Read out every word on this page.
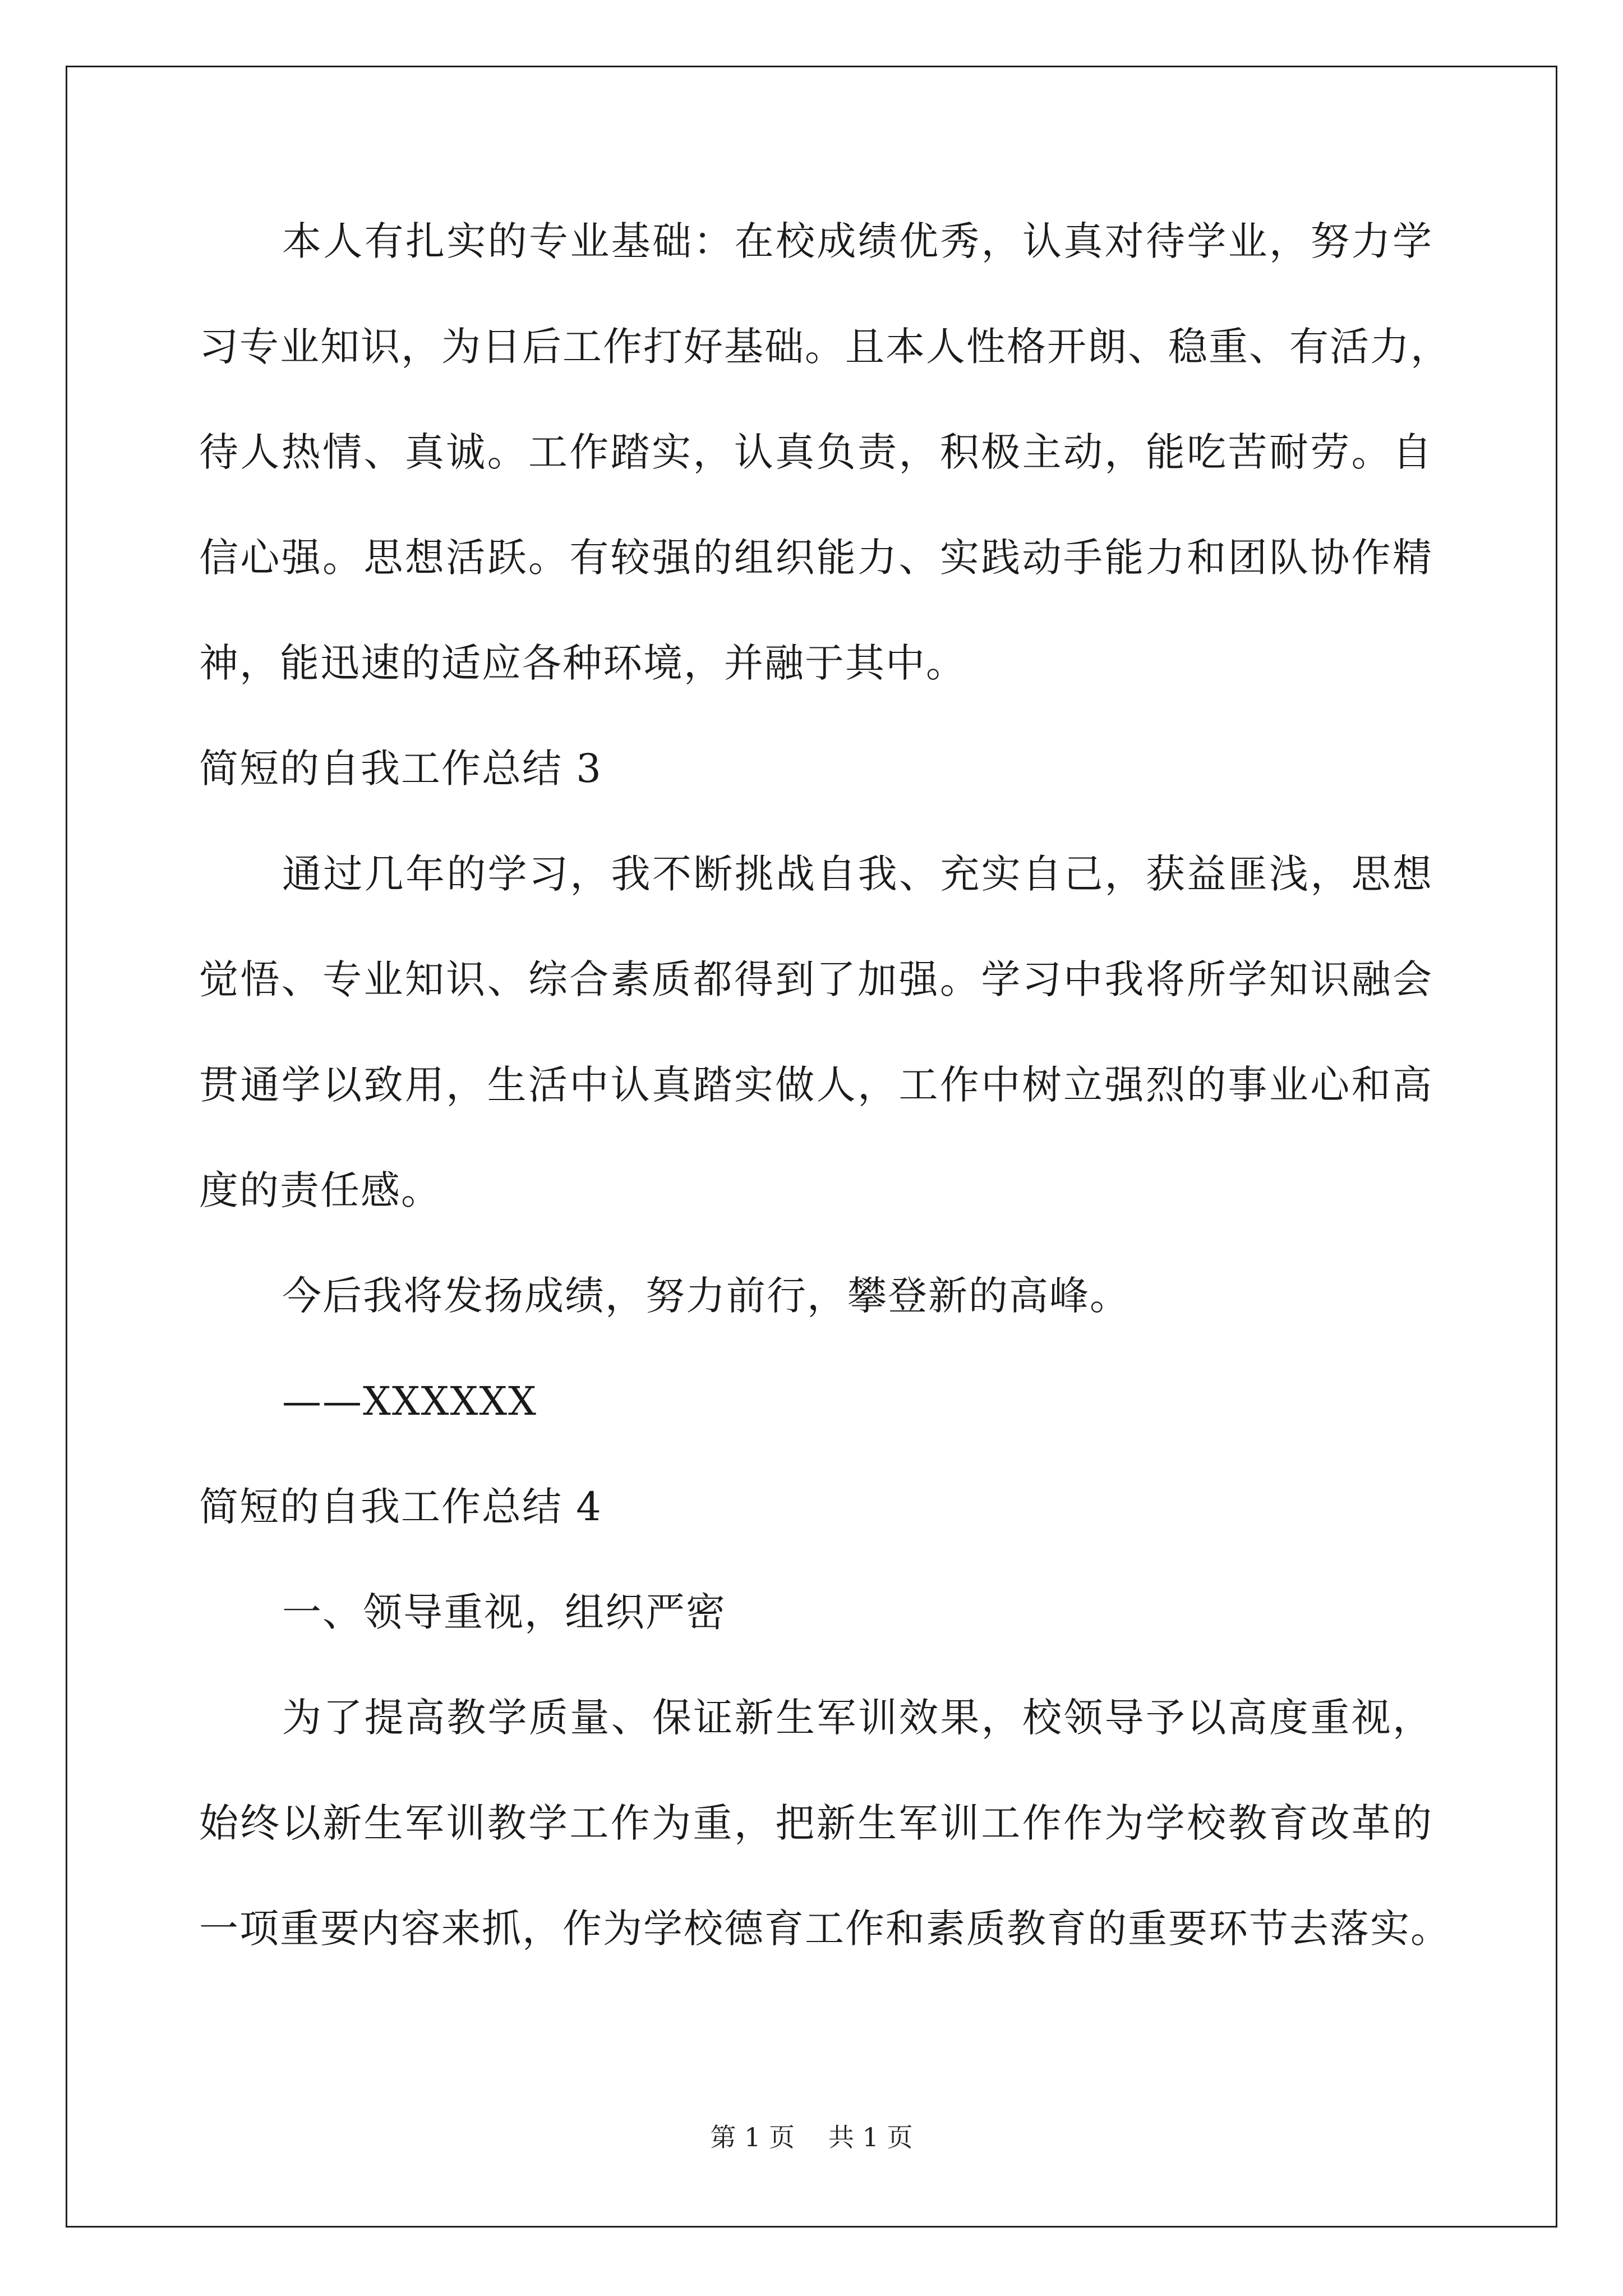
本人有扎实的专业基础：在校成绩优秀，认真对待学业，努力学
习专业知识，为日后工作打好基础。且本人性格开朗、稳重、有活力，
待人热情、真诚。工作踏实，认真负责，积极主动，能吃苦耐劳。自
信心强。思想活跃。有较强的组织能力、实践动手能力和团队协作精
神，能迅速的适应各种环境，并融于其中。
简短的自我工作总结 3
通过几年的学习，我不断挑战自我、充实自己，获益匪浅，思想
觉悟、专业知识、综合素质都得到了加强。学习中我将所学知识融会
贯通学以致用，生活中认真踏实做人，工作中树立强烈的事业心和高
度的责任感。
今后我将发扬成绩，努力前行，攀登新的高峰。
——XXXXXX
简短的自我工作总结 4
一、领导重视，组织严密
为了提高教学质量、保证新生军训效果，校领导予以高度重视，
始终以新生军训教学工作为重，把新生军训工作作为学校教育改革的
一项重要内容来抓，作为学校德育工作和素质教育的重要环节去落实。
第 1 页 共 1 页
